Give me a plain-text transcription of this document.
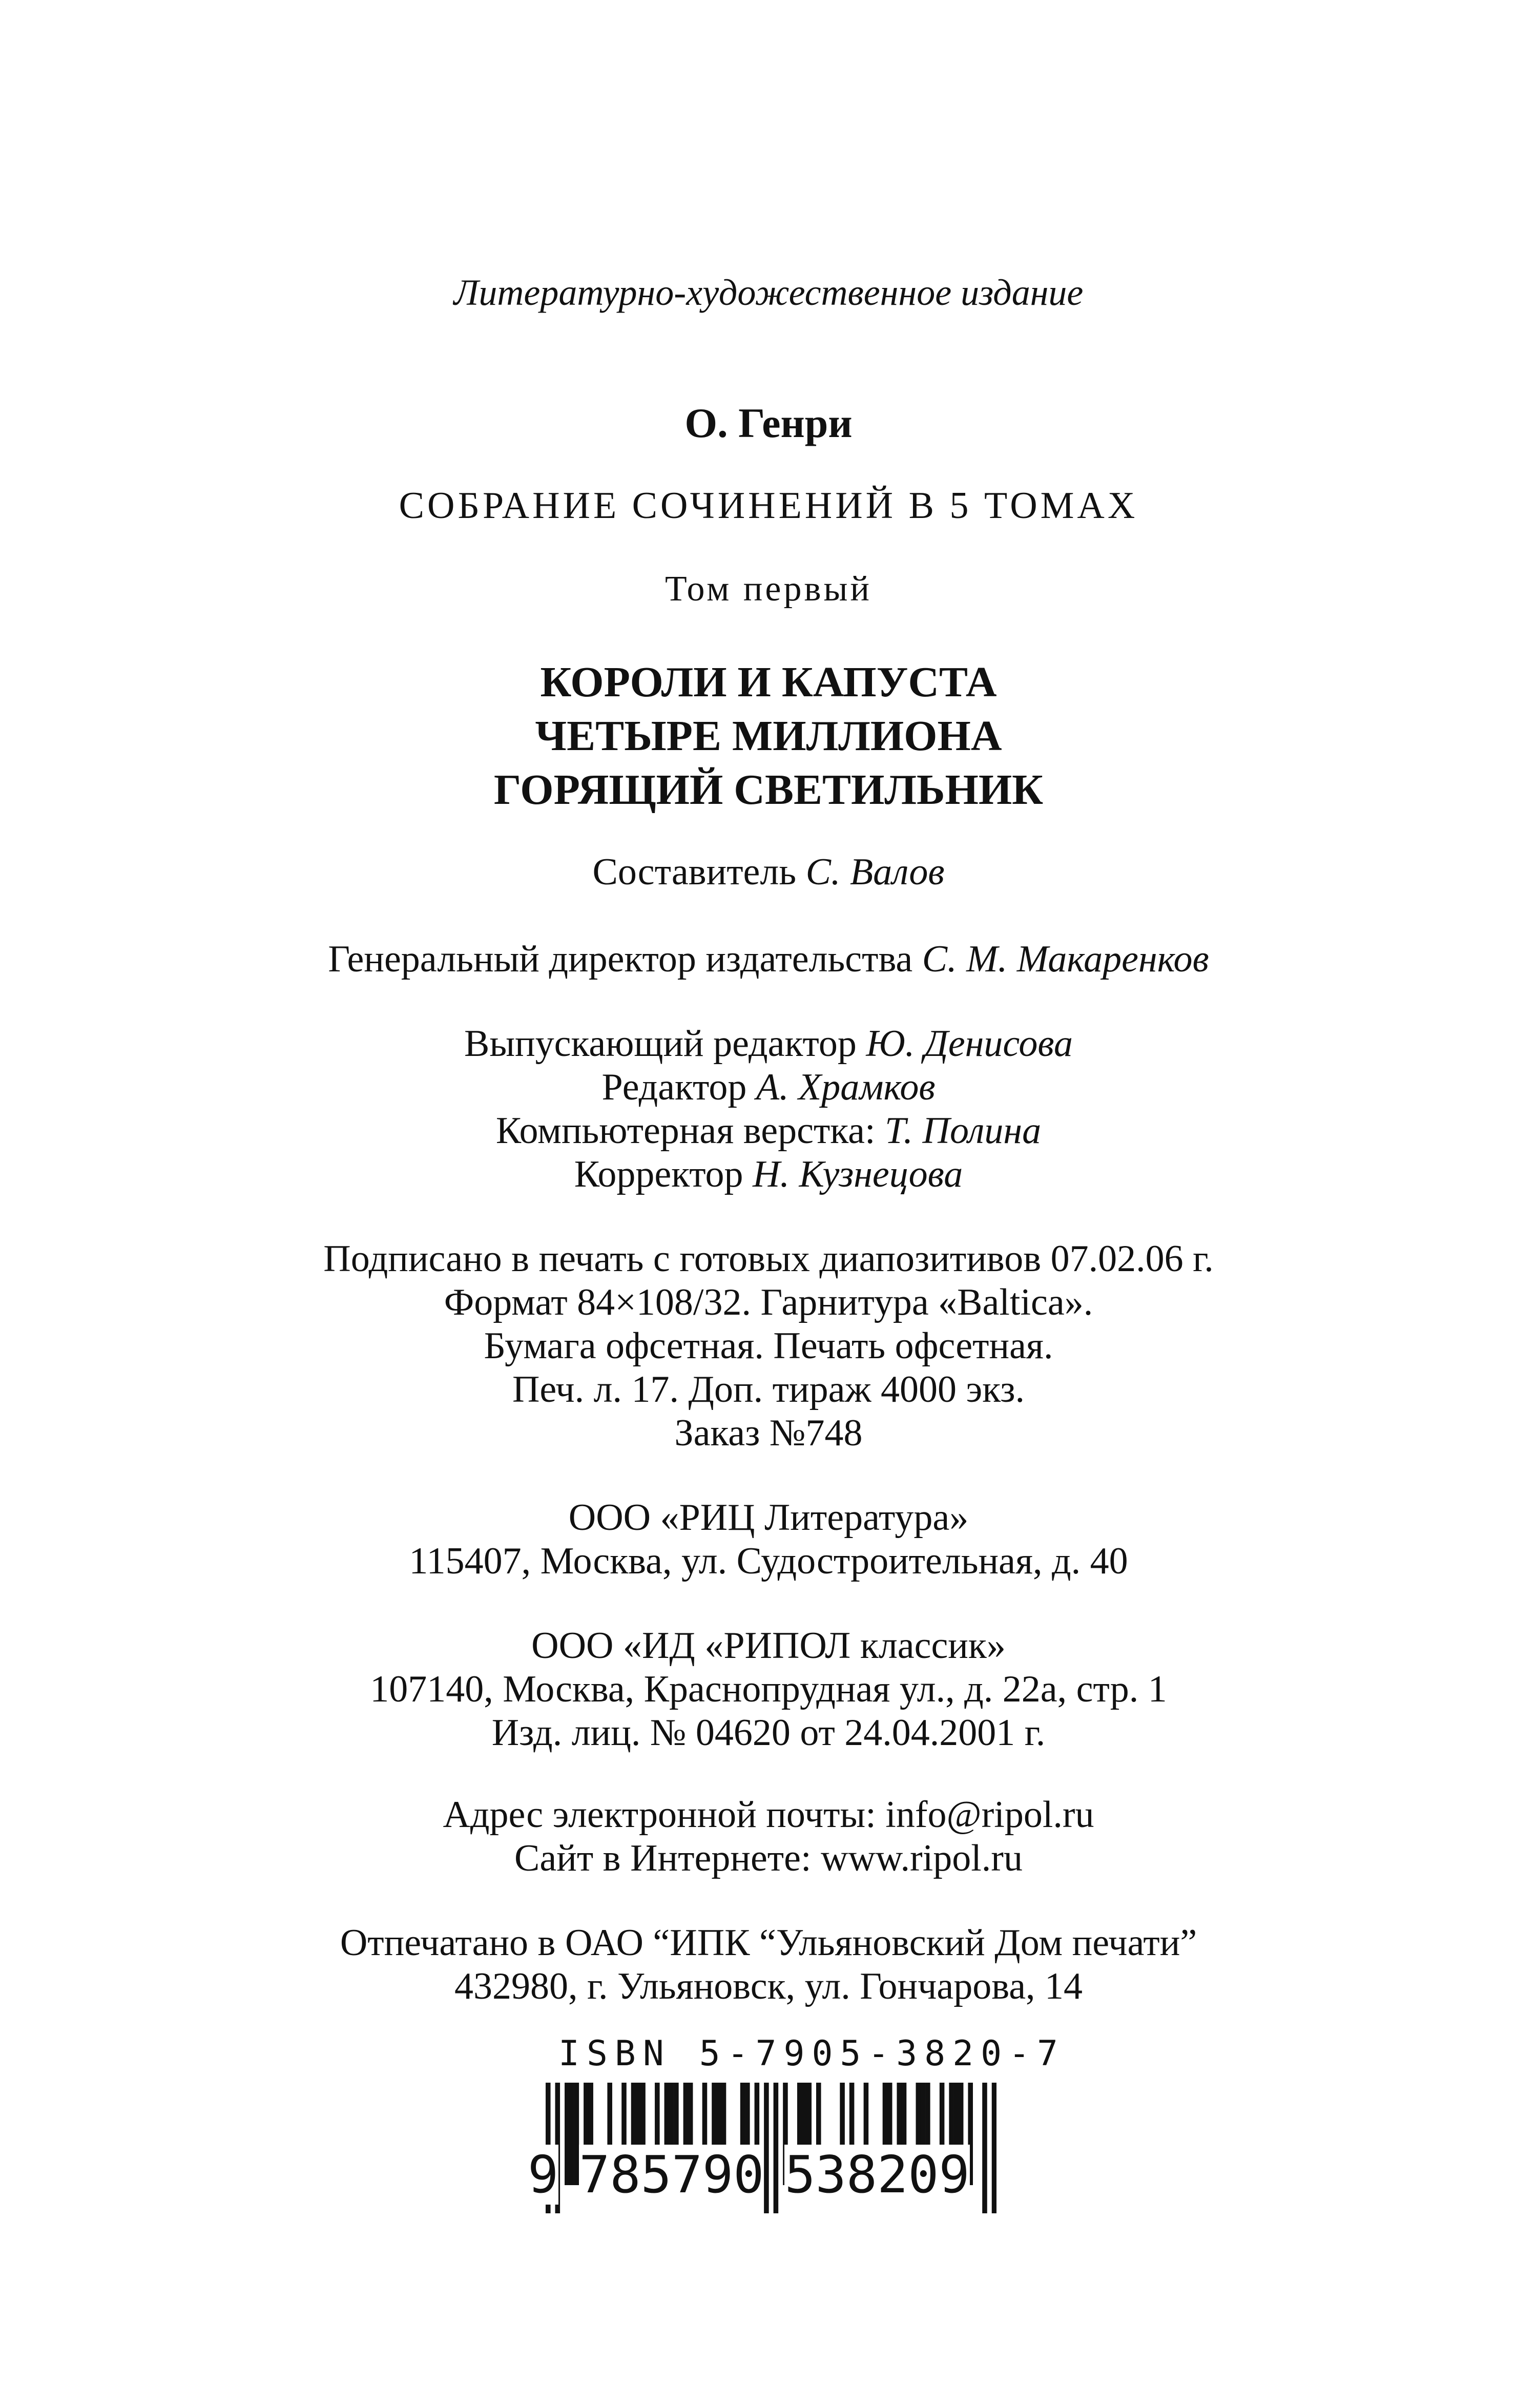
Литературно-художественное издание
О. Генри
СОБРАНИЕ СОЧИНЕНИЙ В 5 ТОМАХ
Том первый
КОРОЛИ И КАПУСТА
ЧЕТЫРЕ МИЛЛИОНА
ГОРЯЩИЙ СВЕТИЛЬНИК
Составитель С. Валов
Генеральный директор издательства С. М. Макаренков
Выпускающий редактор Ю. Денисова
Редактор А. Храмков
Компьютерная верстка: Т. Полина
Корректор Н. Кузнецова
Подписано в печать с готовых диапозитивов 07.02.06 г.
Формат 84×108/32. Гарнитура «Baltica».
Бумага офсетная. Печать офсетная.
Печ. л. 17. Доп. тираж 4000 экз.
Заказ №748
ООО «РИЦ Литература»
115407, Москва, ул. Судостроительная, д. 40
ООО «ИД «РИПОЛ классик»
107140, Москва, Краснопрудная ул., д. 22а, стр. 1
Изд. лиц. № 04620 от 24.04.2001 г.
Адрес электронной почты: info@ripol.ru
Сайт в Интернете: www.ripol.ru
Отпечатано в ОАО “ИПК “Ульяновский Дом печати”
432980, г. Ульяновск, ул. Гончарова, 14
ISBN 5-7905-3820-7
9 785790 538209
